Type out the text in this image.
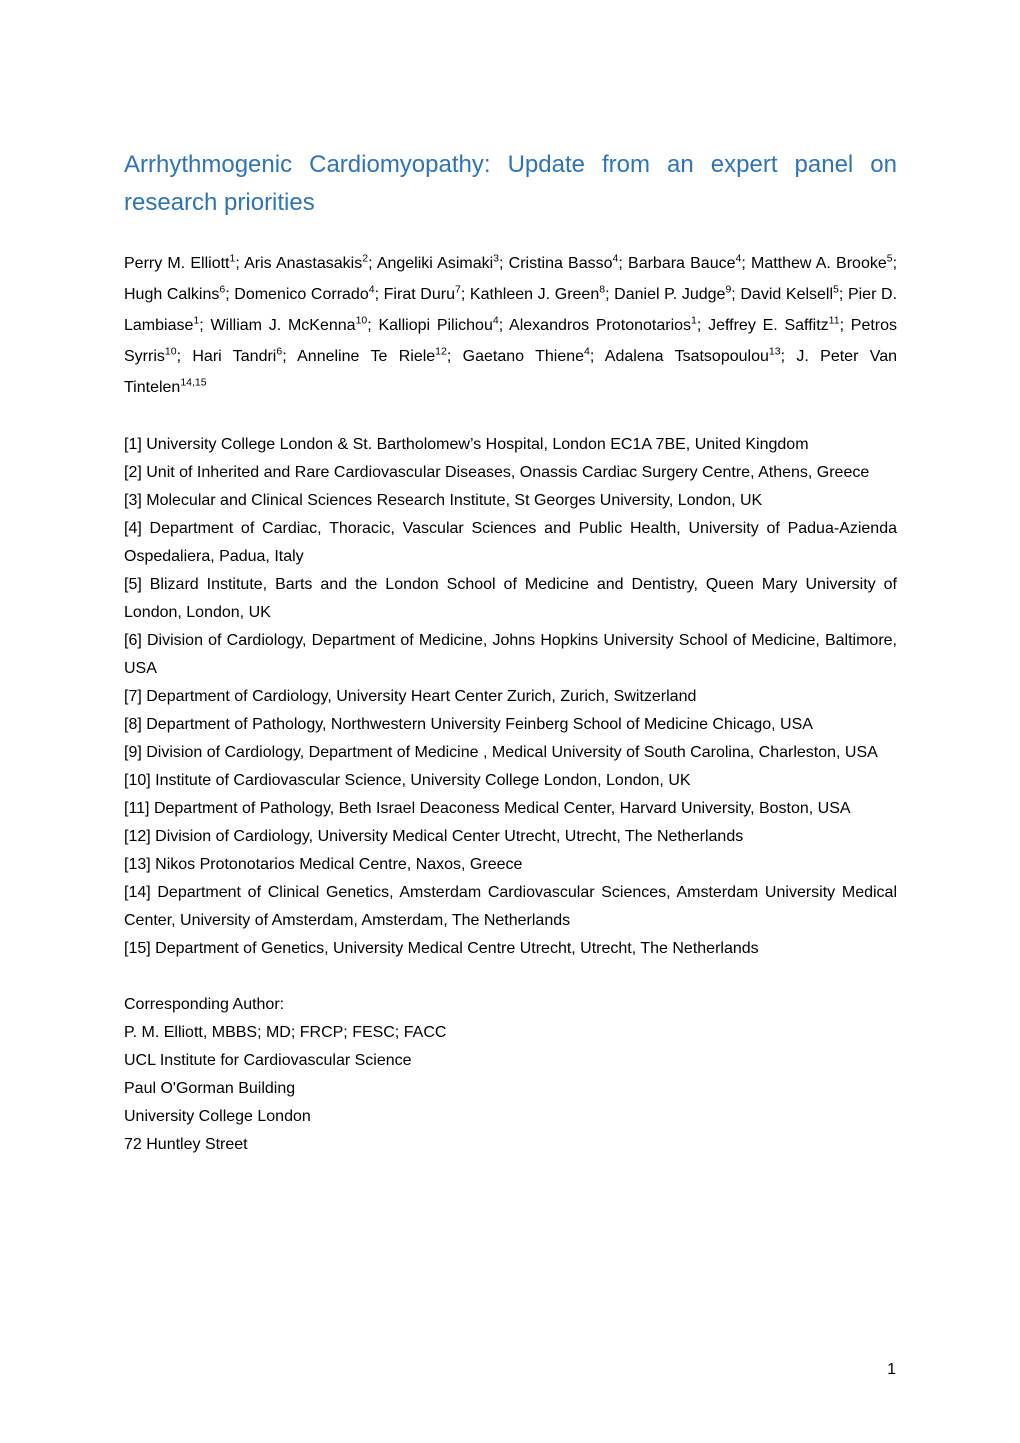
Arrhythmogenic Cardiomyopathy: Update from an expert panel on research priorities

Perry M. Elliott$^1$; Aris Anastasakis$^2$; Angeliki Asimaki$^3$; Cristina Basso$^4$; Barbara Bauce$^4$; Matthew A. Brooke$^5$; Hugh Calkins$^6$; Domenico Corrado$^4$; Firat Duru$^7$; Kathleen J. Green$^8$; Daniel P. Judge$^9$; David Kelsell$^5$; Pier D. Lambiase$^1$; William J. McKenna$^{10}$; Kalliopi Pilichou$^4$; Alexandros Protonotarios$^1$; Jeffrey E. Saffitz$^{11}$; Petros Syrris$^{10}$; Hari Tandri$^6$; Anneline Te Riele$^{12}$; Gaetano Thiene$^4$; Adalena Tsatsopoulou$^{13}$; J. Peter Van Tintelen$^{14,15}$

[1] University College London & St. Bartholomew’s Hospital, London EC1A 7BE, United Kingdom

[2] Unit of Inherited and Rare Cardiovascular Diseases, Onassis Cardiac Surgery Centre, Athens, Greece

[3] Molecular and Clinical Sciences Research Institute, St Georges University, London, UK

[4] Department of Cardiac, Thoracic, Vascular Sciences and Public Health, University of Padua-Azienda Ospedaliera, Padua, Italy

[5] Blizard Institute, Barts and the London School of Medicine and Dentistry, Queen Mary University of London, London, UK

[6] Division of Cardiology, Department of Medicine, Johns Hopkins University School of Medicine, Baltimore, USA

[7] Department of Cardiology, University Heart Center Zurich, Zurich, Switzerland

[8] Department of Pathology, Northwestern University Feinberg School of Medicine Chicago, USA

[9] Division of Cardiology, Department of Medicine , Medical University of South Carolina, Charleston, USA

[10] Institute of Cardiovascular Science, University College London, London, UK

[11] Department of Pathology, Beth Israel Deaconess Medical Center, Harvard University, Boston, USA

[12] Division of Cardiology, University Medical Center Utrecht, Utrecht, The Netherlands

[13] Nikos Protonotarios Medical Centre, Naxos, Greece

[14] Department of Clinical Genetics, Amsterdam Cardiovascular Sciences, Amsterdam University Medical Center, University of Amsterdam, Amsterdam, The Netherlands

[15] Department of Genetics, University Medical Centre Utrecht, Utrecht, The Netherlands

Corresponding Author:

P. M. Elliott, MBBS; MD; FRCP; FESC; FACC

UCL Institute for Cardiovascular Science

Paul O'Gorman Building

University College London

72 Huntley Street

1
